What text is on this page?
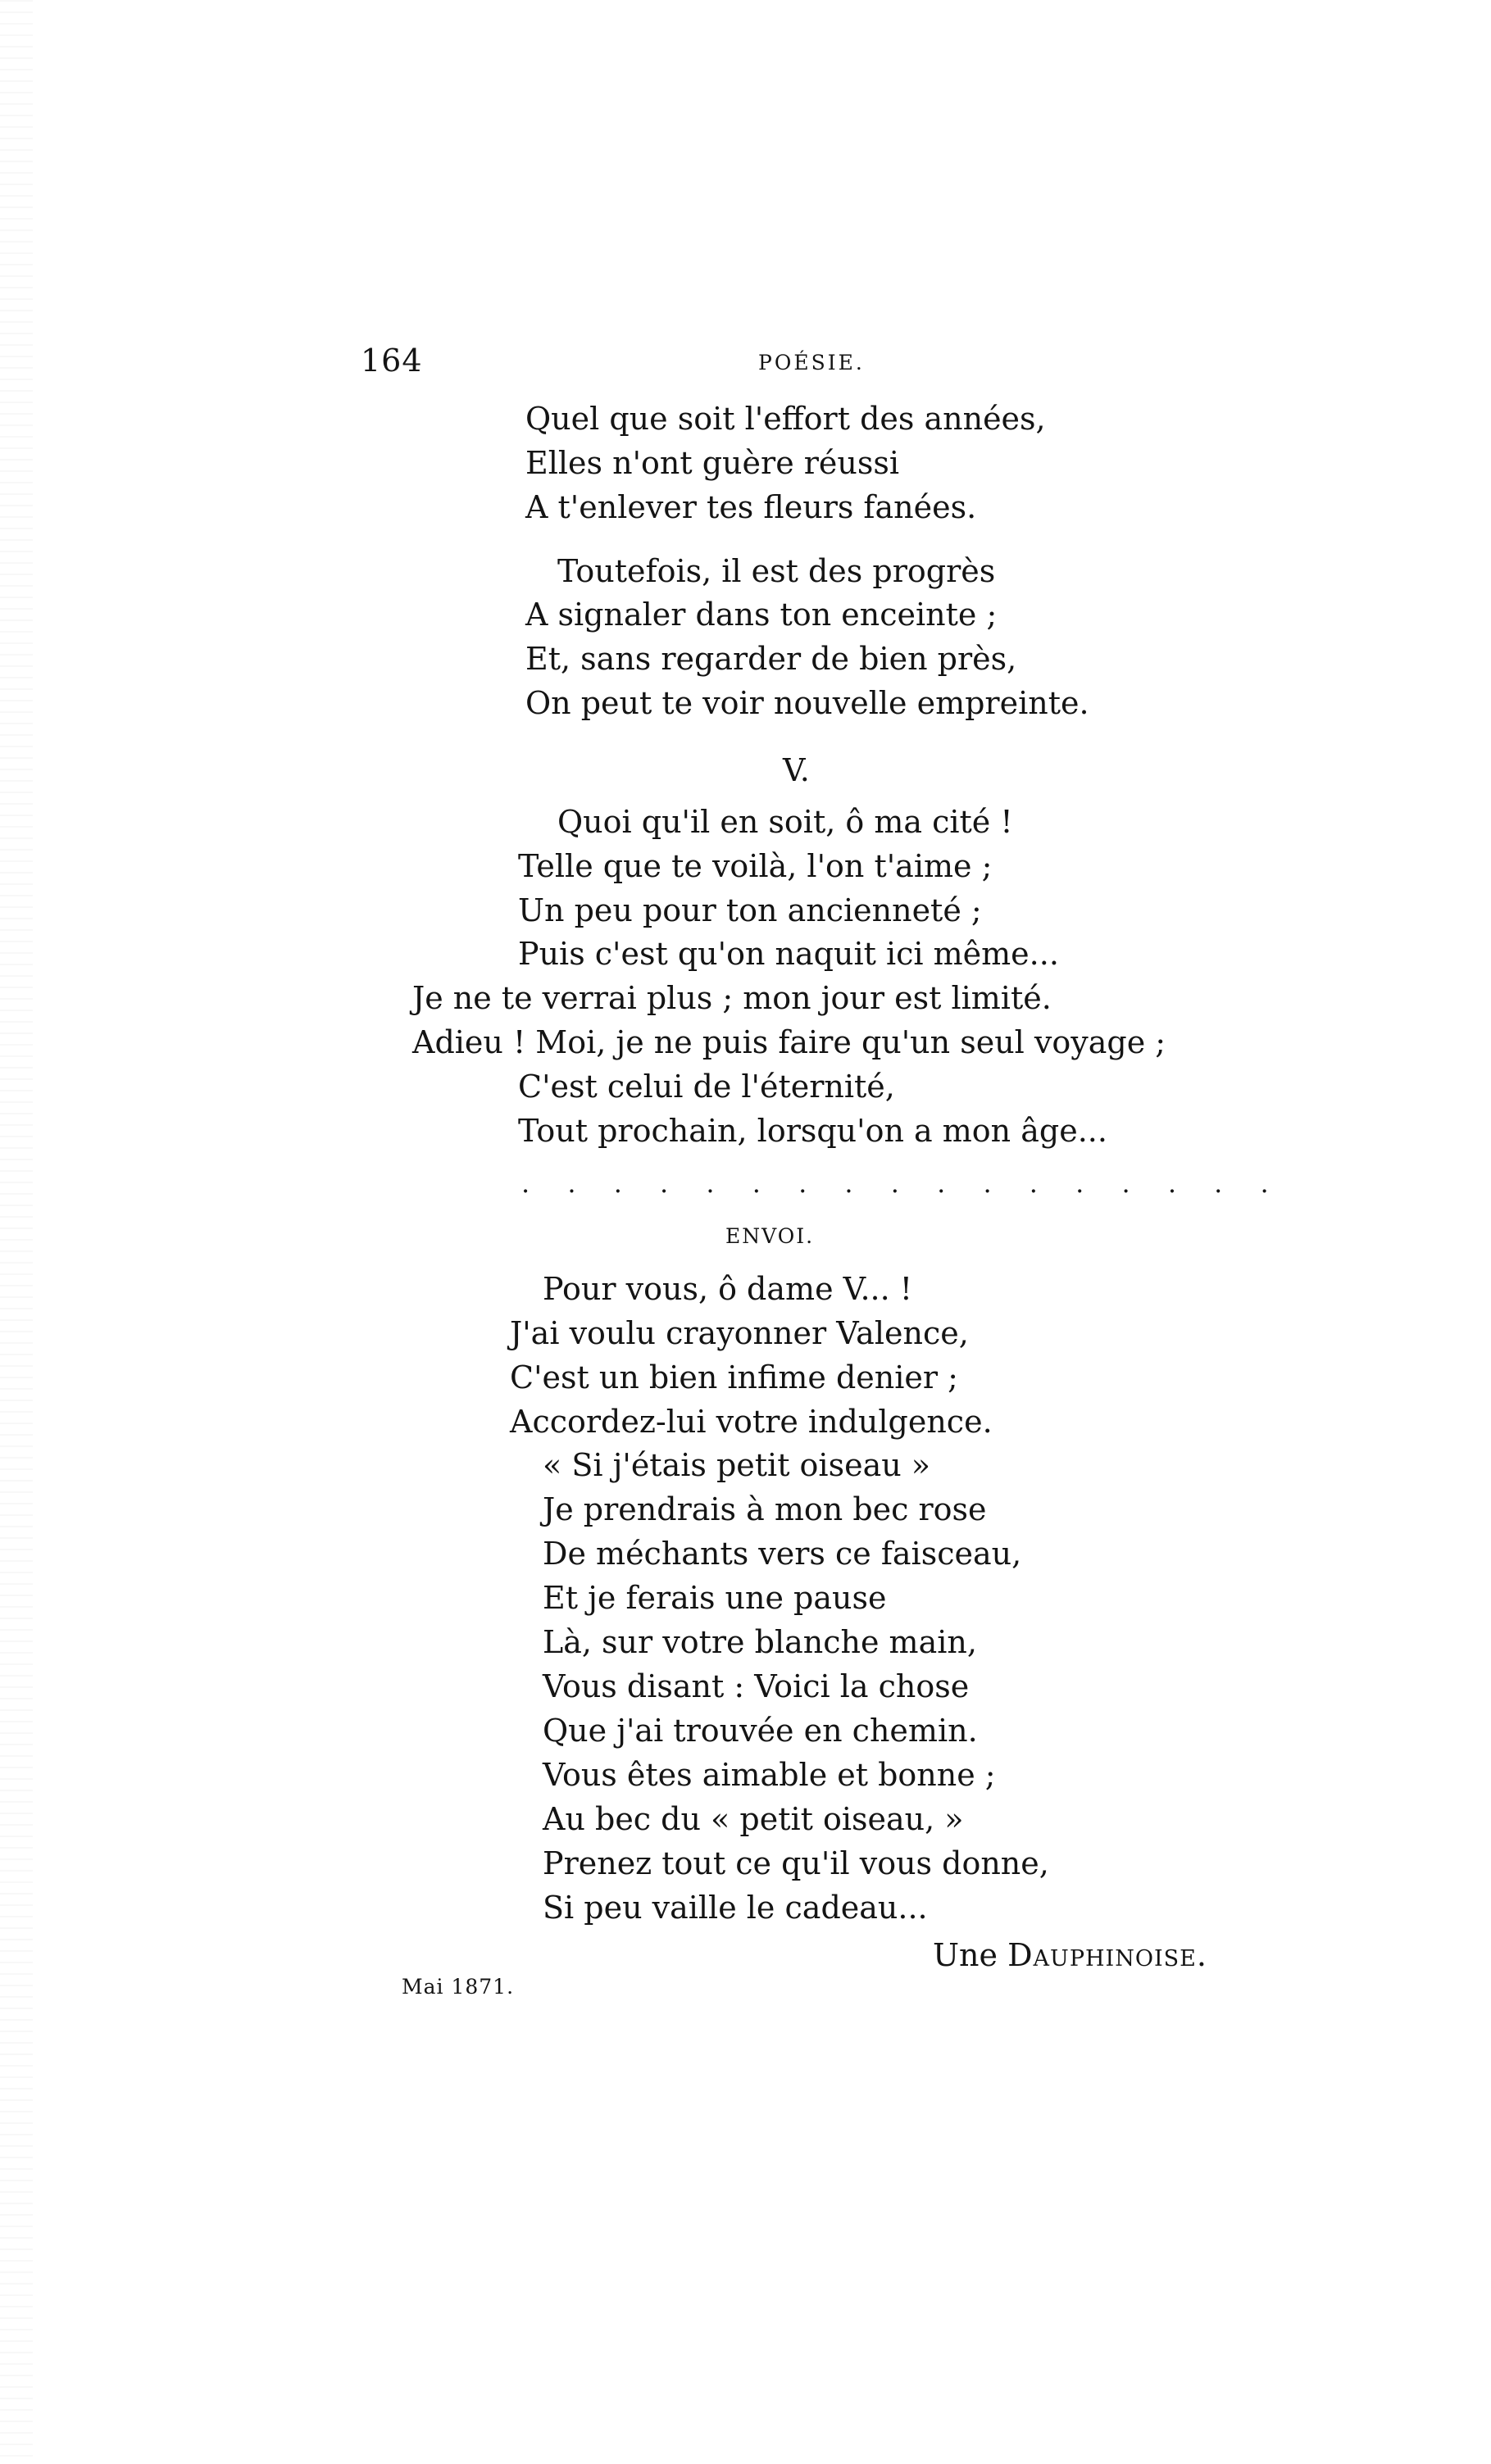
164	POÉSIE.
Quel que soit l'effort des années,
Elles n'ont guère réussi
A t'enlever tes fleurs fanées.
Toutefois, il est des progrès
A signaler dans ton enceinte ;
Et, sans regarder de bien près,
On peut te voir nouvelle empreinte.
V.
Quoi qu'il en soit, ô ma cité !
Telle que te voilà, l'on t'aime ;
Un peu pour ton ancienneté ;
Puis c'est qu'on naquit ici même...
Je ne te verrai plus ; mon jour est limité.
Adieu ! Moi, je ne puis faire qu'un seul voyage ;
C'est celui de l'éternité,
Tout prochain, lorsqu'on a mon âge...
. . . . . . . . . . . . . . . . .
ENVOI.
Pour vous, ô dame V... !
J'ai voulu crayonner Valence,
C'est un bien infime denier ;
Accordez-lui votre indulgence.
« Si j'étais petit oiseau »
Je prendrais à mon bec rose
De méchants vers ce faisceau,
Et je ferais une pause
Là, sur votre blanche main,
Vous disant : Voici la chose
Que j'ai trouvée en chemin.
Vous êtes aimable et bonne ;
Au bec du « petit oiseau, »
Prenez tout ce qu'il vous donne,
Si peu vaille le cadeau...
Une Dauphinoise.
Mai 1871.
